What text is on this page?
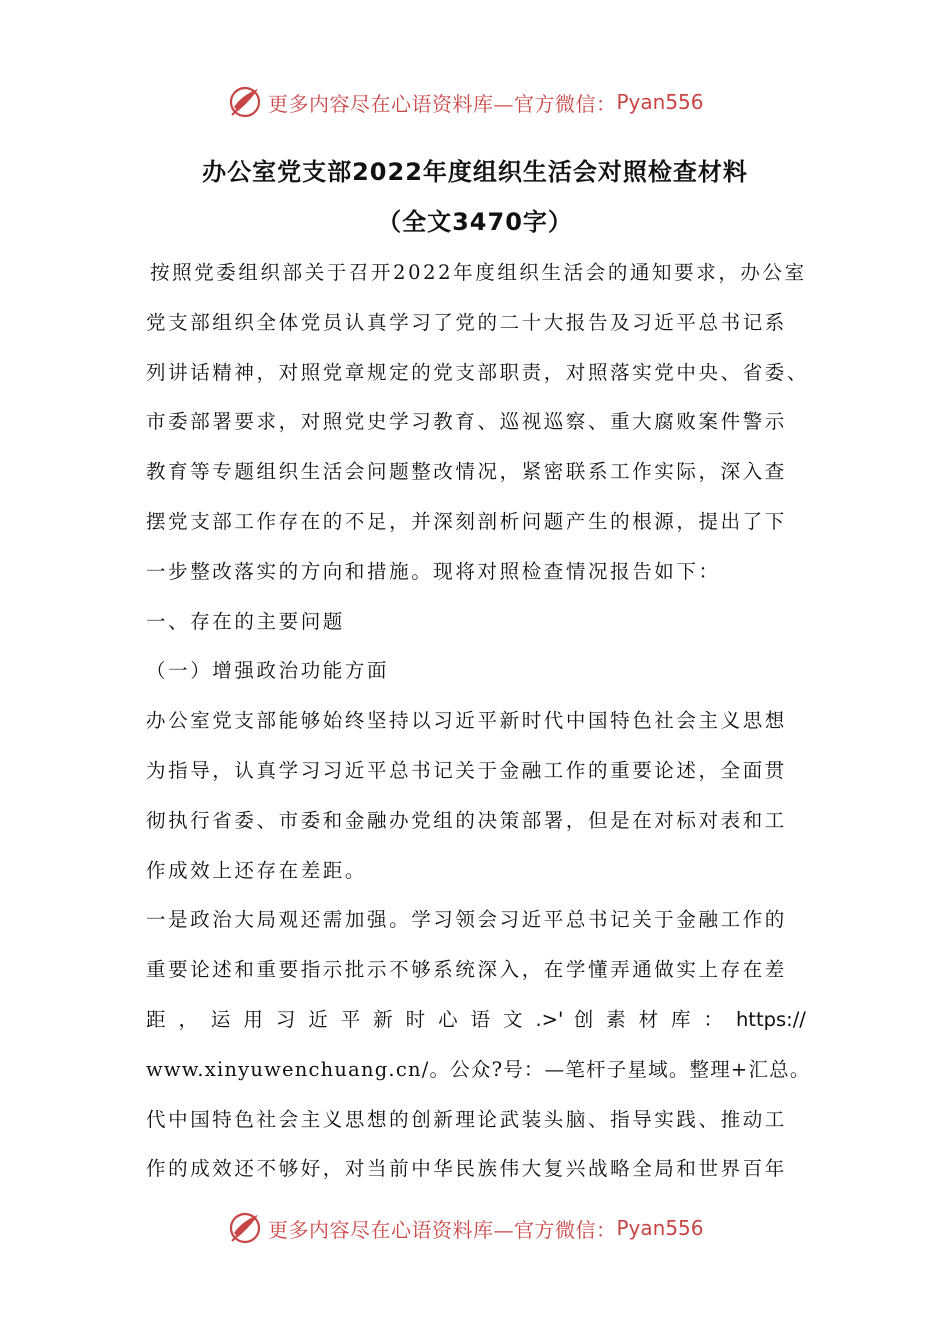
更多内容尽在心语资料库—官方微信： Pyan556
办公室党支部2022年度组织生活会对照检查材料
（全文3470字）
按照党委组织部关于召开2022年度组织生活会的通知要求，办公室
党支部组织全体党员认真学习了党的二十大报告及习近平总书记系
列讲话精神，对照党章规定的党支部职责，对照落实党中央、省委、
市委部署要求，对照党史学习教育、巡视巡察、重大腐败案件警示
教育等专题组织生活会问题整改情况，紧密联系工作实际，深入查
摆党支部工作存在的不足，并深刻剖析问题产生的根源，提出了下
一步整改落实的方向和措施。现将对照检查情况报告如下：
一、存在的主要问题
（一）增强政治功能方面
办公室党支部能够始终坚持以习近平新时代中国特色社会主义思想
为指导，认真学习习近平总书记关于金融工作的重要论述，全面贯
彻执行省委、市委和金融办党组的决策部署，但是在对标对表和工
作成效上还存在差距。
一是政治大局观还需加强。学习领会习近平总书记关于金融工作的
重要论述和重要指示批示不够系统深入，在学懂弄通做实上存在差
距 ， 运 用 习 近 平 新 时 心 语 文 .>' 创 素 材 库 ： https://
www.xinyuwenchuang.cn/。公众?号：—笔杆子星域。整理+汇总。
代中国特色社会主义思想的创新理论武装头脑、指导实践、推动工
作的成效还不够好，对当前中华民族伟大复兴战略全局和世界百年
更多内容尽在心语资料库—官方微信： Pyan556
